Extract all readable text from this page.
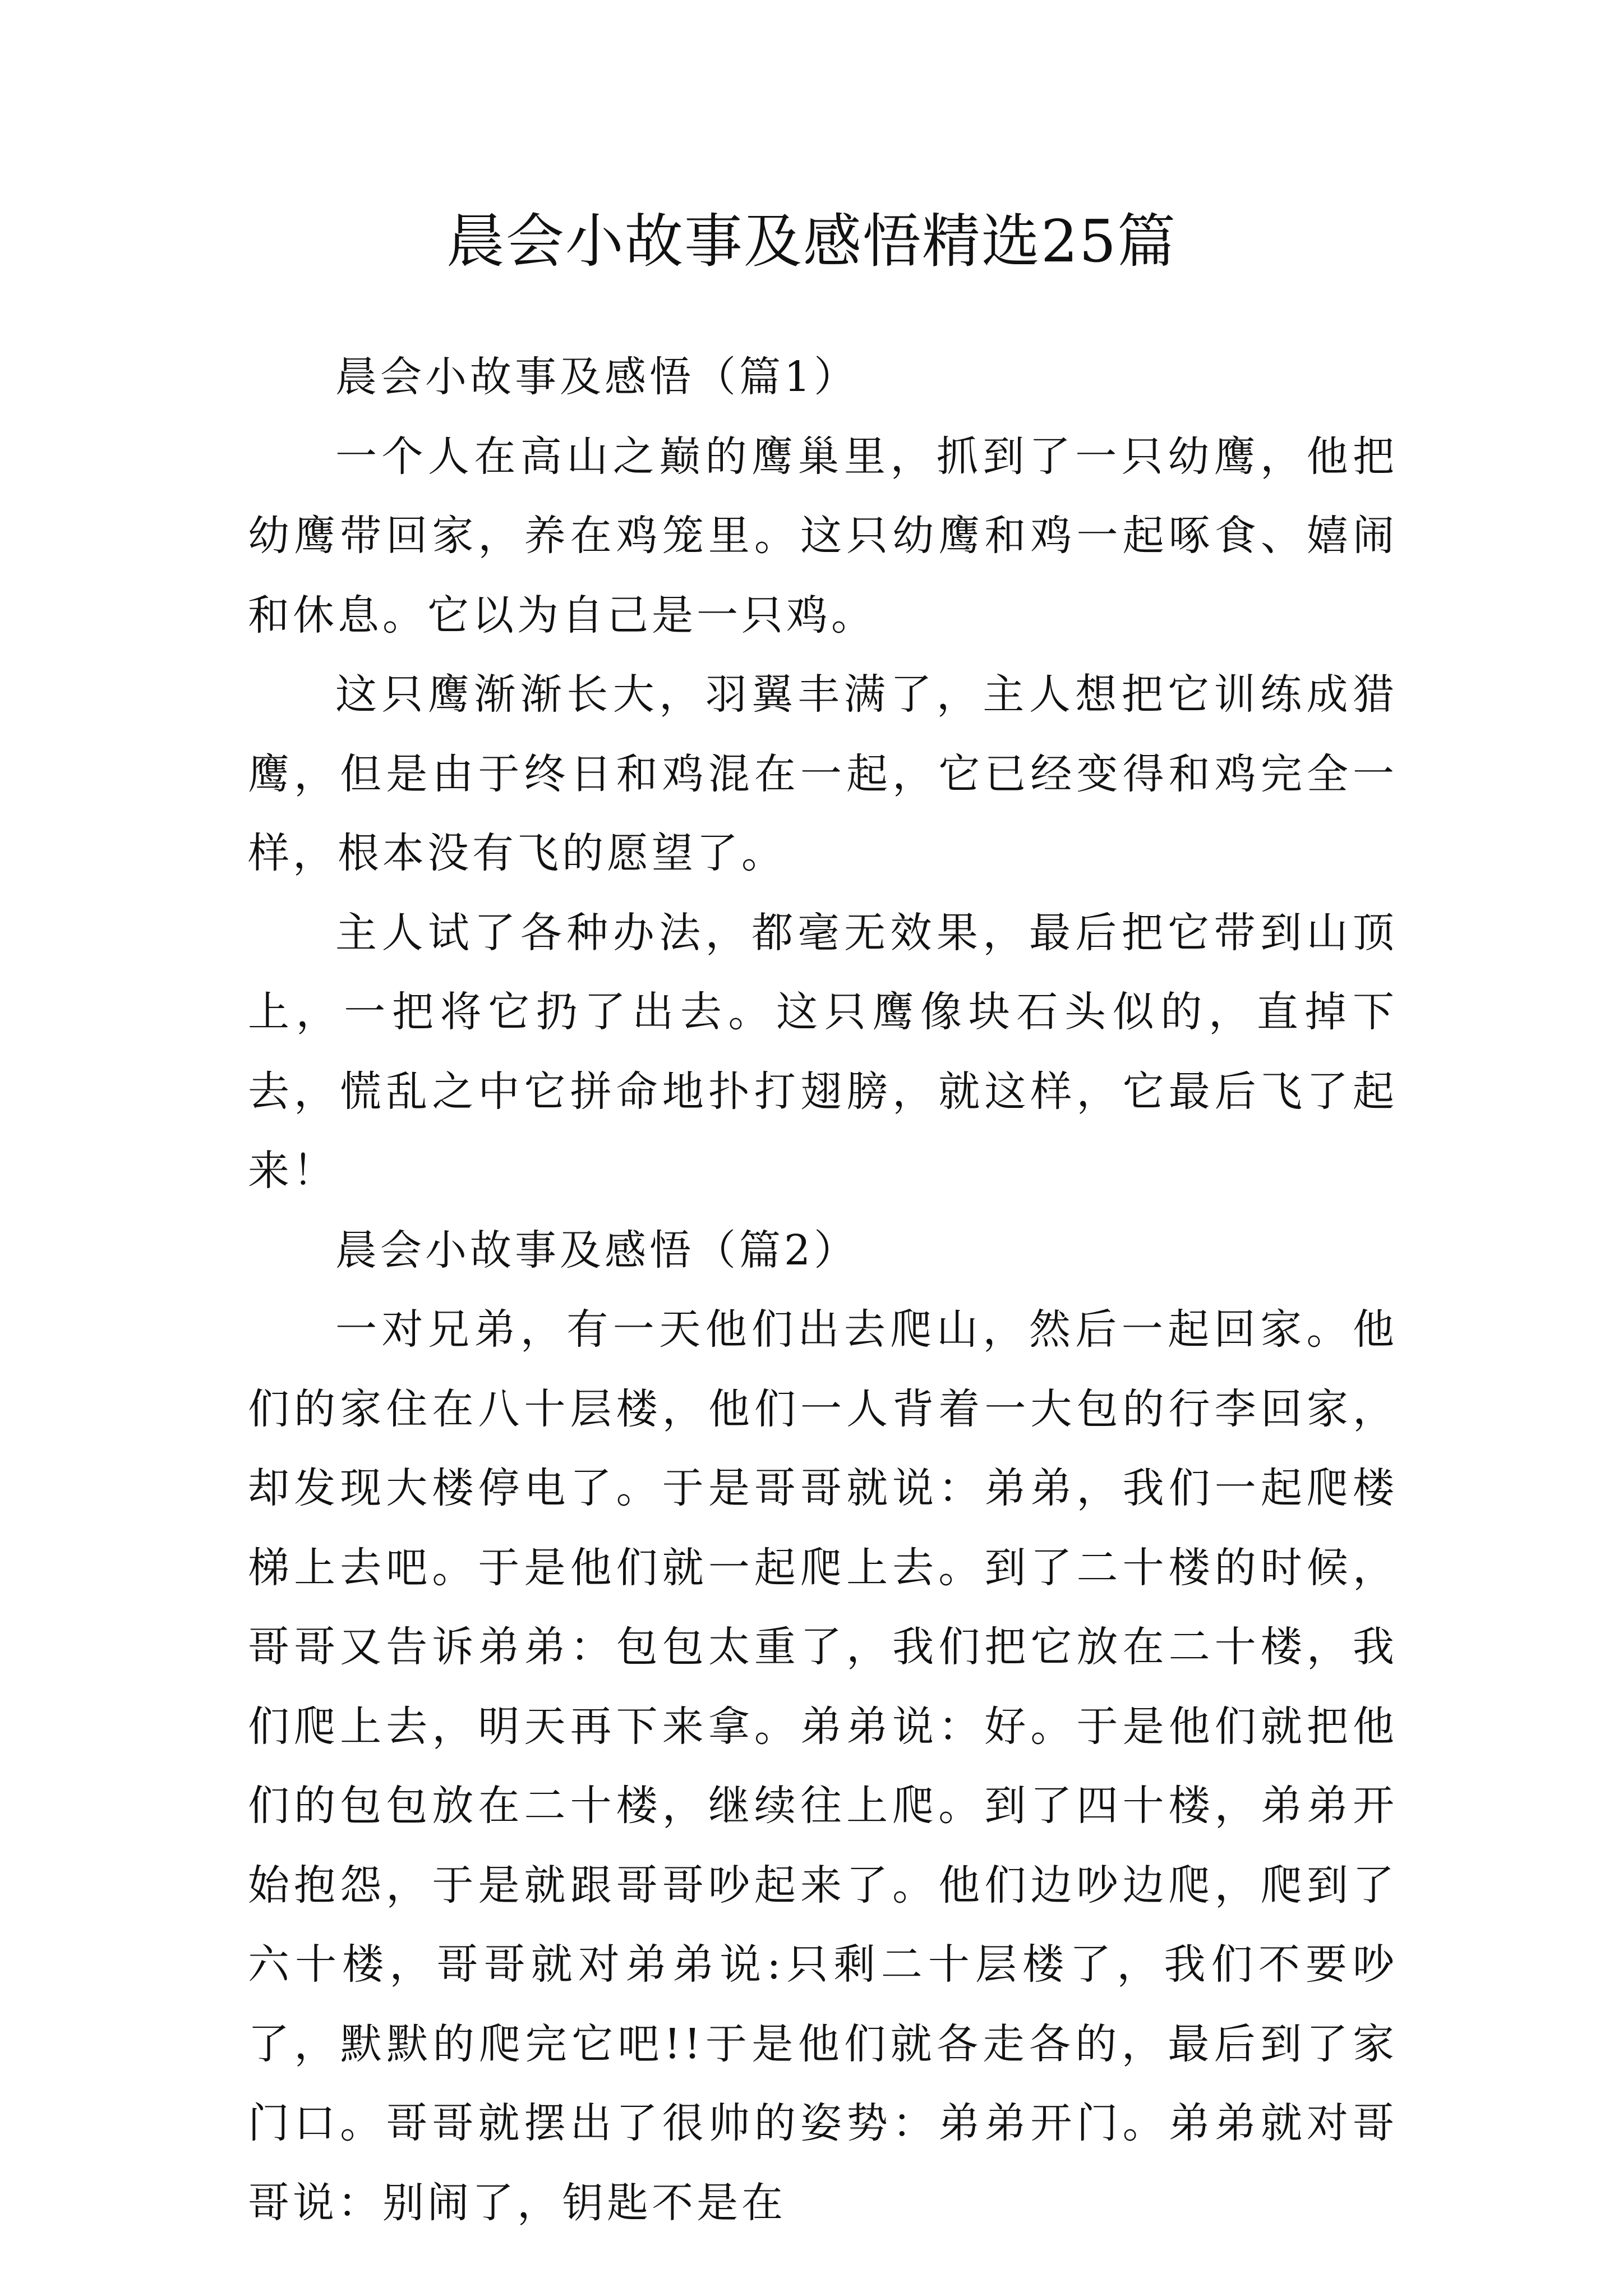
晨会小故事及感悟精选25篇

晨会小故事及感悟（篇1）

一个人在高山之巅的鹰巢里，抓到了一只幼鹰，他把幼鹰带回家，养在鸡笼里。这只幼鹰和鸡一起啄食、嬉闹和休息。它以为自己是一只鸡。

这只鹰渐渐长大，羽翼丰满了，主人想把它训练成猎鹰，但是由于终日和鸡混在一起，它已经变得和鸡完全一样，根本没有飞的愿望了。

主人试了各种办法，都毫无效果，最后把它带到山顶上，一把将它扔了出去。这只鹰像块石头似的，直掉下去，慌乱之中它拼命地扑打翅膀，就这样，它最后飞了起来！

晨会小故事及感悟（篇2）

一对兄弟，有一天他们出去爬山，然后一起回家。他们的家住在八十层楼，他们一人背着一大包的行李回家，却发现大楼停电了。于是哥哥就说：弟弟，我们一起爬楼梯上去吧。于是他们就一起爬上去。到了二十楼的时候，哥哥又告诉弟弟：包包太重了，我们把它放在二十楼，我们爬上去，明天再下来拿。弟弟说：好。于是他们就把他们的包包放在二十楼，继续往上爬。到了四十楼，弟弟开始抱怨，于是就跟哥哥吵起来了。他们边吵边爬，爬到了六十楼，哥哥就对弟弟说:只剩二十层楼了，我们不要吵了，默默的爬完它吧!!于是他们就各走各的，最后到了家门口。哥哥就摆出了很帅的姿势：弟弟开门。弟弟就对哥哥说：别闹了，钥匙不是在
